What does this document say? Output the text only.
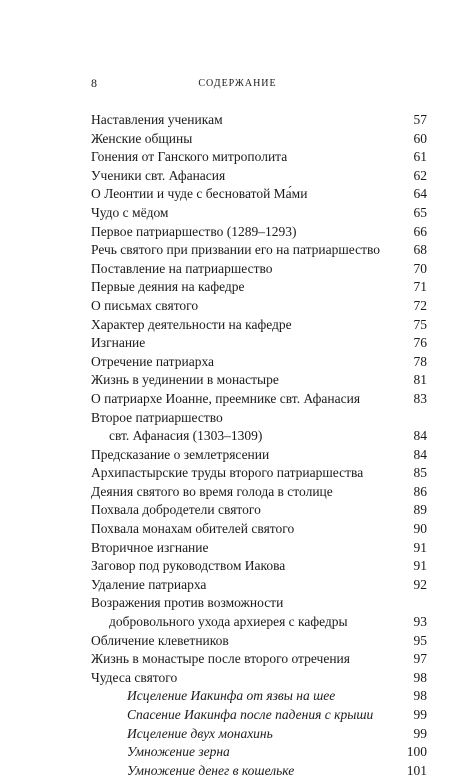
8	СОДЕРЖАНИЕ
Наставления ученикам	57
Женские общины	60
Гонения от Ганского митрополита	61
Ученики свт. Афанасия	62
О Леонтии и чуде с бесноватой Ма́ми	64
Чудо с мёдом	65
Первое патриаршество (1289–1293)	66
Речь святого при призвании его на патриаршество	68
Поставление на патриаршество	70
Первые деяния на кафедре	71
О письмах святого	72
Характер деятельности на кафедре	75
Изгнание	76
Отречение патриарха	78
Жизнь в уединении в монастыре	81
О патриархе Иоанне, преемнике свт. Афанасия	83
Второе патриаршество
свт. Афанасия (1303–1309)	84
Предсказание о землетрясении	84
Архипастырские труды второго патриаршества	85
Деяния святого во время голода в столице	86
Похвала добродетели святого	89
Похвала монахам обителей святого	90
Вторичное изгнание	91
Заговор под руководством Иакова	91
Удаление патриарха	92
Возражения против возможности
добровольного ухода архиерея с кафедры	93
Обличение клеветников	95
Жизнь в монастыре после второго отречения	97
Чудеса святого	98
Исцеление Иакинфа от язвы на шее	98
Спасение Иакинфа после падения с крыши	99
Исцеление двух монахинь	99
Умножение зерна	100
Умножение денег в кошельке	101
